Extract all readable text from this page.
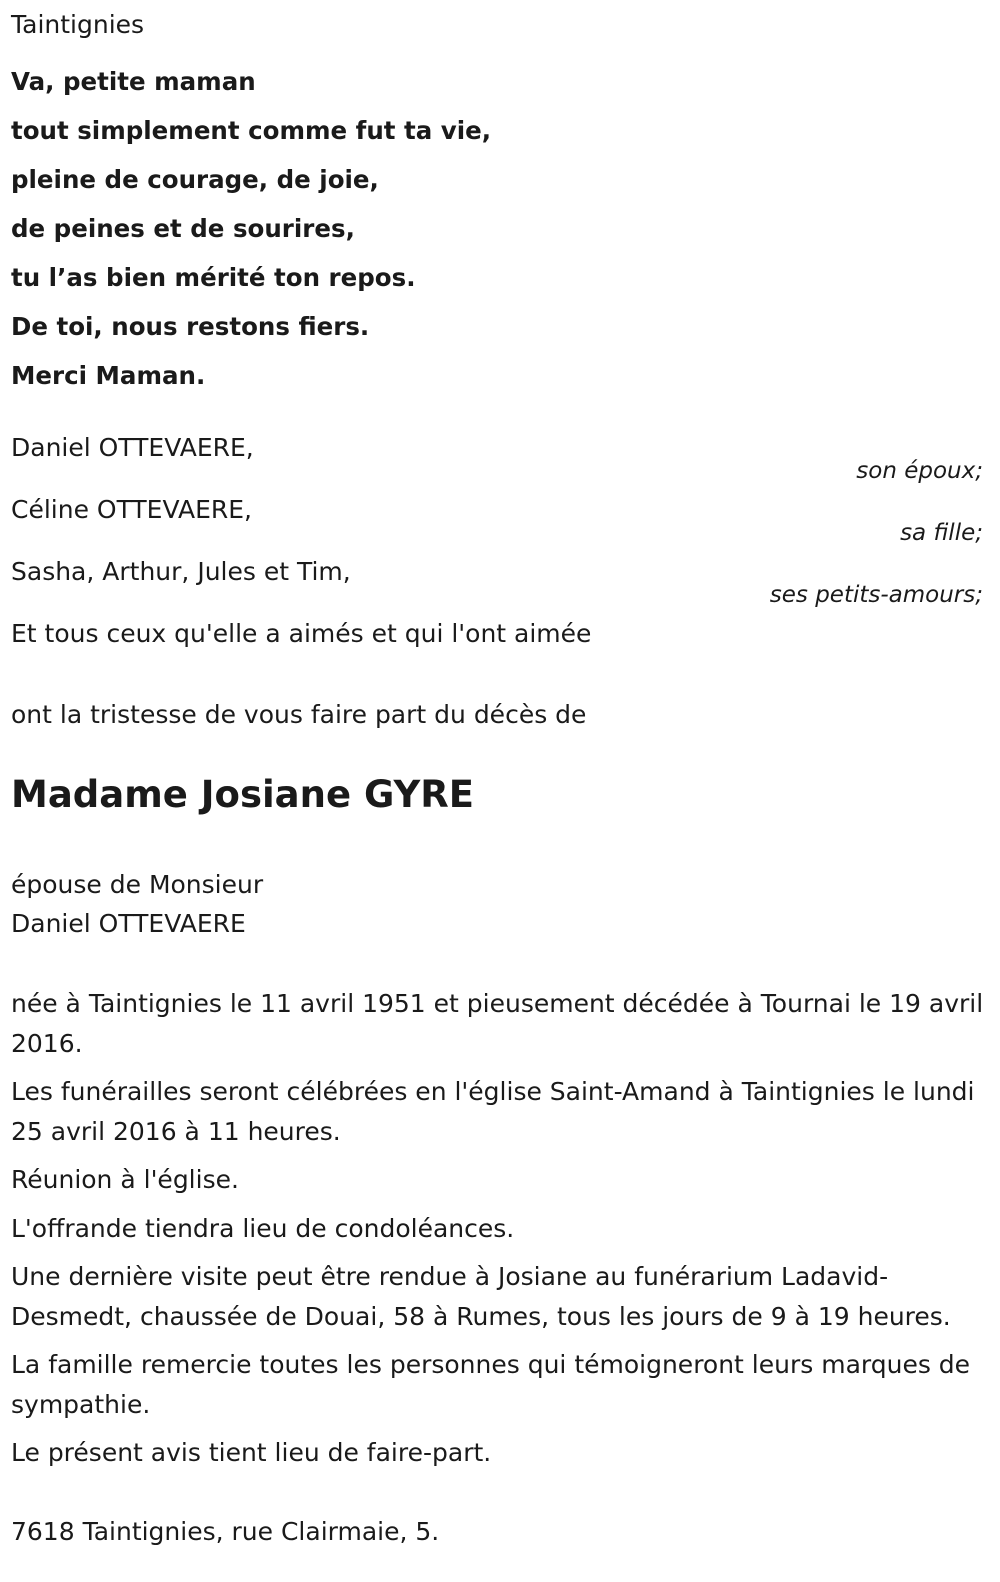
Taintignies
Va, petite maman
tout simplement comme fut ta vie,
pleine de courage, de joie,
de peines et de sourires,
tu l’as bien mérité ton repos.
De toi, nous restons fiers.
Merci Maman.
Daniel OTTEVAERE,
son époux;
Céline OTTEVAERE,
sa fille;
Sasha, Arthur, Jules et Tim,
ses petits-amours;
Et tous ceux qu'elle a aimés et qui l'ont aimée
ont la tristesse de vous faire part du décès de
Madame Josiane GYRE
épouse de Monsieur
Daniel OTTEVAERE

née à Taintignies le 11 avril 1951 et pieusement décédée à Tournai le 19 avril 2016.

Les funérailles seront célébrées en l'église Saint-Amand à Taintignies le lundi 25 avril 2016 à 11 heures.

Réunion à l'église.

L'offrande tiendra lieu de condoléances.

Une dernière visite peut être rendue à Josiane au funérarium Ladavid-Desmedt, chaussée de Douai, 58 à Rumes, tous les jours de 9 à 19 heures.

La famille remercie toutes les personnes qui témoigneront leurs marques de sympathie.

Le présent avis tient lieu de faire-part.

7618 Taintignies, rue Clairmaie, 5.
